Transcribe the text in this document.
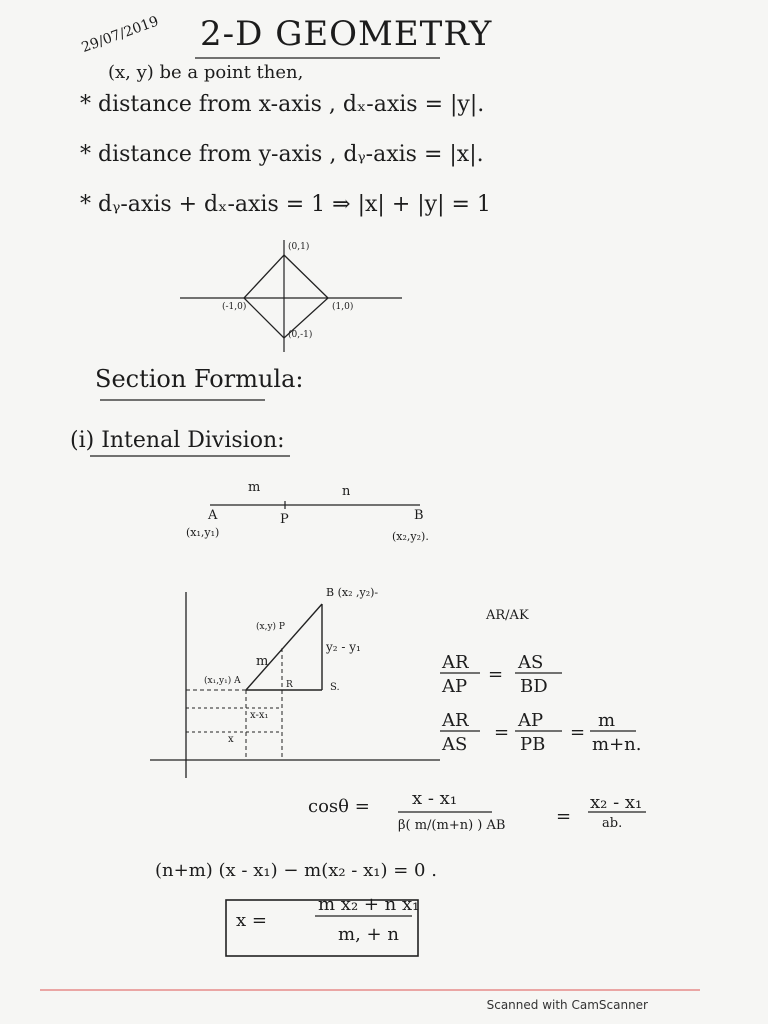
29/07/2019 2-D GEOMETRY
(x, y) be a point then,
* distance from x-axis , dₓ-axis = |y|.
* distance from y-axis , dᵧ-axis = |x|.
* dᵧ-axis + dₓ-axis = 1 ⇒ |x| + |y| = 1
(0,1)
(-1,0)	(1,0)
(0,-1)
Section Formula:
(i) Intenal Division:
m	n
A	P	B
(x₁,y₁)	(x₂,y₂).
B (x₂ ,y₂)-
(x,y) P
(x₁,y₁) A
m
R	S.
y₂ - y₁
x-x₁
x
AR/AK
AR
AP
=
AS
BD
AR
AS
=
AP
PB
=
m
m+n.
cosθ = x - x₁
β( m/(m+n) ) AB	=
x₂ - x₁
ab.
(n+m) (x - x₁) − m(x₂ - x₁) = 0 .
x =
m x₂ + n x₁
m, + n
Scanned with CamScanner
